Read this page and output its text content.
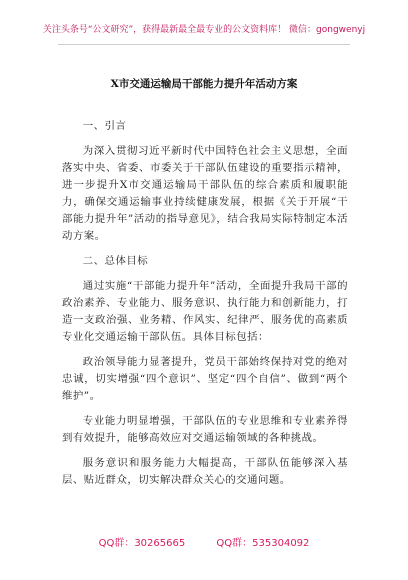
关注头条号“公文研究”，获得最新最全最专业的公文资料库！ 微信：gongwenyj
X市交通运输局干部能力提升年活动方案

一、引言

为深入贯彻习近平新时代中国特色社会主义思想，全面落实中央、省委、市委关于干部队伍建设的重要指示精神，进一步提升X市交通运输局干部队伍的综合素质和履职能力，确保交通运输事业持续健康发展，根据《关于开展“干部能力提升年”活动的指导意见》，结合我局实际特制定本活动方案。

二、总体目标

通过实施“干部能力提升年”活动，全面提升我局干部的政治素养、专业能力、服务意识、执行能力和创新能力，打造一支政治强、业务精、作风实、纪律严、服务优的高素质专业化交通运输干部队伍。具体目标包括：

政治领导能力显著提升，党员干部始终保持对党的绝对忠诚，切实增强“四个意识”、坚定“四个自信”、做到“两个维护”。

专业能力明显增强，干部队伍的专业思维和专业素养得到有效提升，能够高效应对交通运输领域的各种挑战。

服务意识和服务能力大幅提高，干部队伍能够深入基层、贴近群众，切实解决群众关心的交通问题。

QQ群：30265665	QQ群：535304092
